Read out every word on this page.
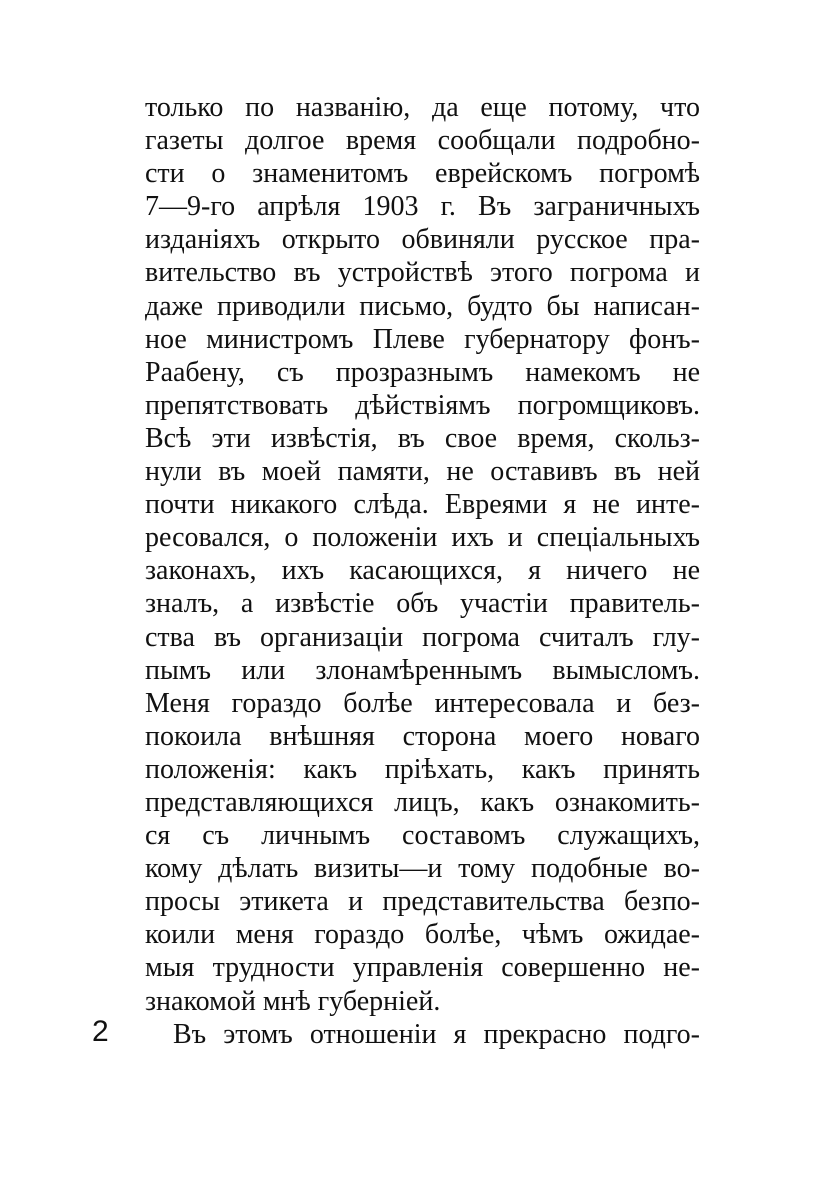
только по названію, да еще потому, что
газеты долгое время сообщали подробно-
сти о знаменитомъ еврейскомъ погромѣ
7—9-го апрѣля 1903 г. Въ заграничныхъ
изданіяхъ открыто обвиняли русское пра-
вительство въ устройствѣ этого погрома и
даже приводили письмо, будто бы написан-
ное министромъ Плеве губернатору фонъ-
Раабену, съ прозразнымъ намекомъ не
препятствовать дѣйствіямъ погромщиковъ.
Всѣ эти извѣстія, въ свое время, скольз-
нули въ моей памяти, не оставивъ въ ней
почти никакого слѣда. Евреями я не инте-
ресовался, о положеніи ихъ и спеціальныхъ
законахъ, ихъ касающихся, я ничего не
зналъ, а извѣстіе объ участіи правитель-
ства въ организаціи погрома считалъ глу-
пымъ или злонамѣреннымъ вымысломъ.
Меня гораздо болѣе интересовала и без-
покоила внѣшняя сторона моего новаго
положенія: какъ пріѣхать, какъ принять
представляющихся лицъ, какъ ознакомить-
ся съ личнымъ составомъ служащихъ,
кому дѣлать визиты—и тому подобные во-
просы этикета и представительства безпо-
коили меня гораздо болѣе, чѣмъ ожидае-
мыя трудности управленія совершенно не-
знакомой мнѣ губерніей.
Въ этомъ отношеніи я прекрасно подго-
2
